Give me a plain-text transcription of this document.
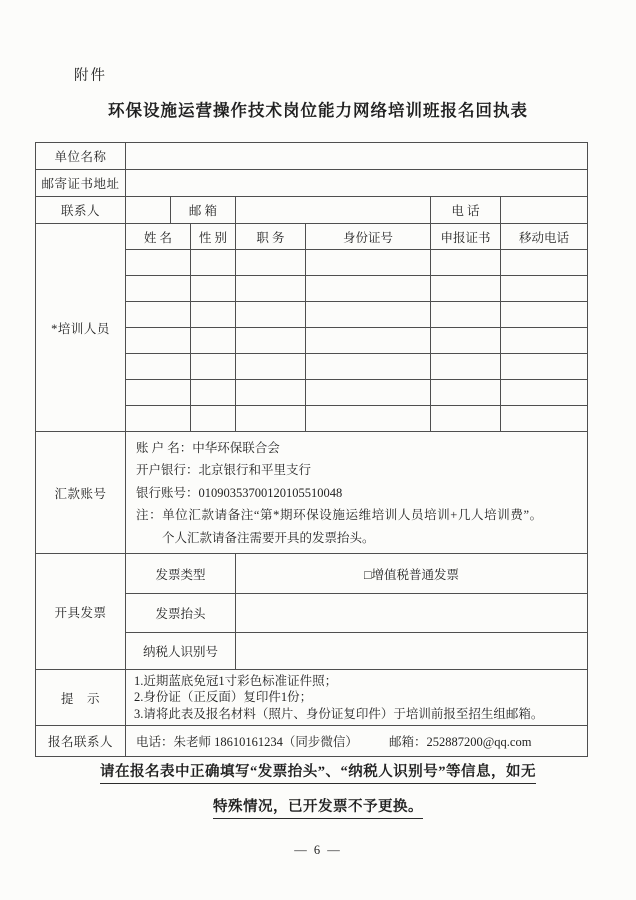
附件
环保设施运营操作技术岗位能力网络培训班报名回执表
单位名称							
邮寄证书地址							
联系人		邮 箱				电 话	
*培训人员	姓 名		性 别	职 务	身份证号	申报证书	移动电话

汇款账号	账 户 名：中华环保联合会
开户银行：北京银行和平里支行
银行账号：01090353700120105510048
注：单位汇款请备注“第*期环保设施运维培训人员培训+几人培训费”。
个人汇款请备注需要开具的发票抬头。						

开具发票	发票类型			□增值税普通发票			
	发票抬头						
	纳税人识别号						
提　示	1.近期蓝底免冠1寸彩色标准证件照；
2.身份证（正反面）复印件1份；
3.请将此表及报名材料（照片、身份证复印件）于培训前报至招生组邮箱。						

报名联系人	电话：朱老师 18610161234（同步微信） 邮箱：252887200@qq.com						
请在报名表中正确填写“发票抬头”、“纳税人识别号”等信息，如无
特殊情况，已开发票不予更换。
— 6 —
